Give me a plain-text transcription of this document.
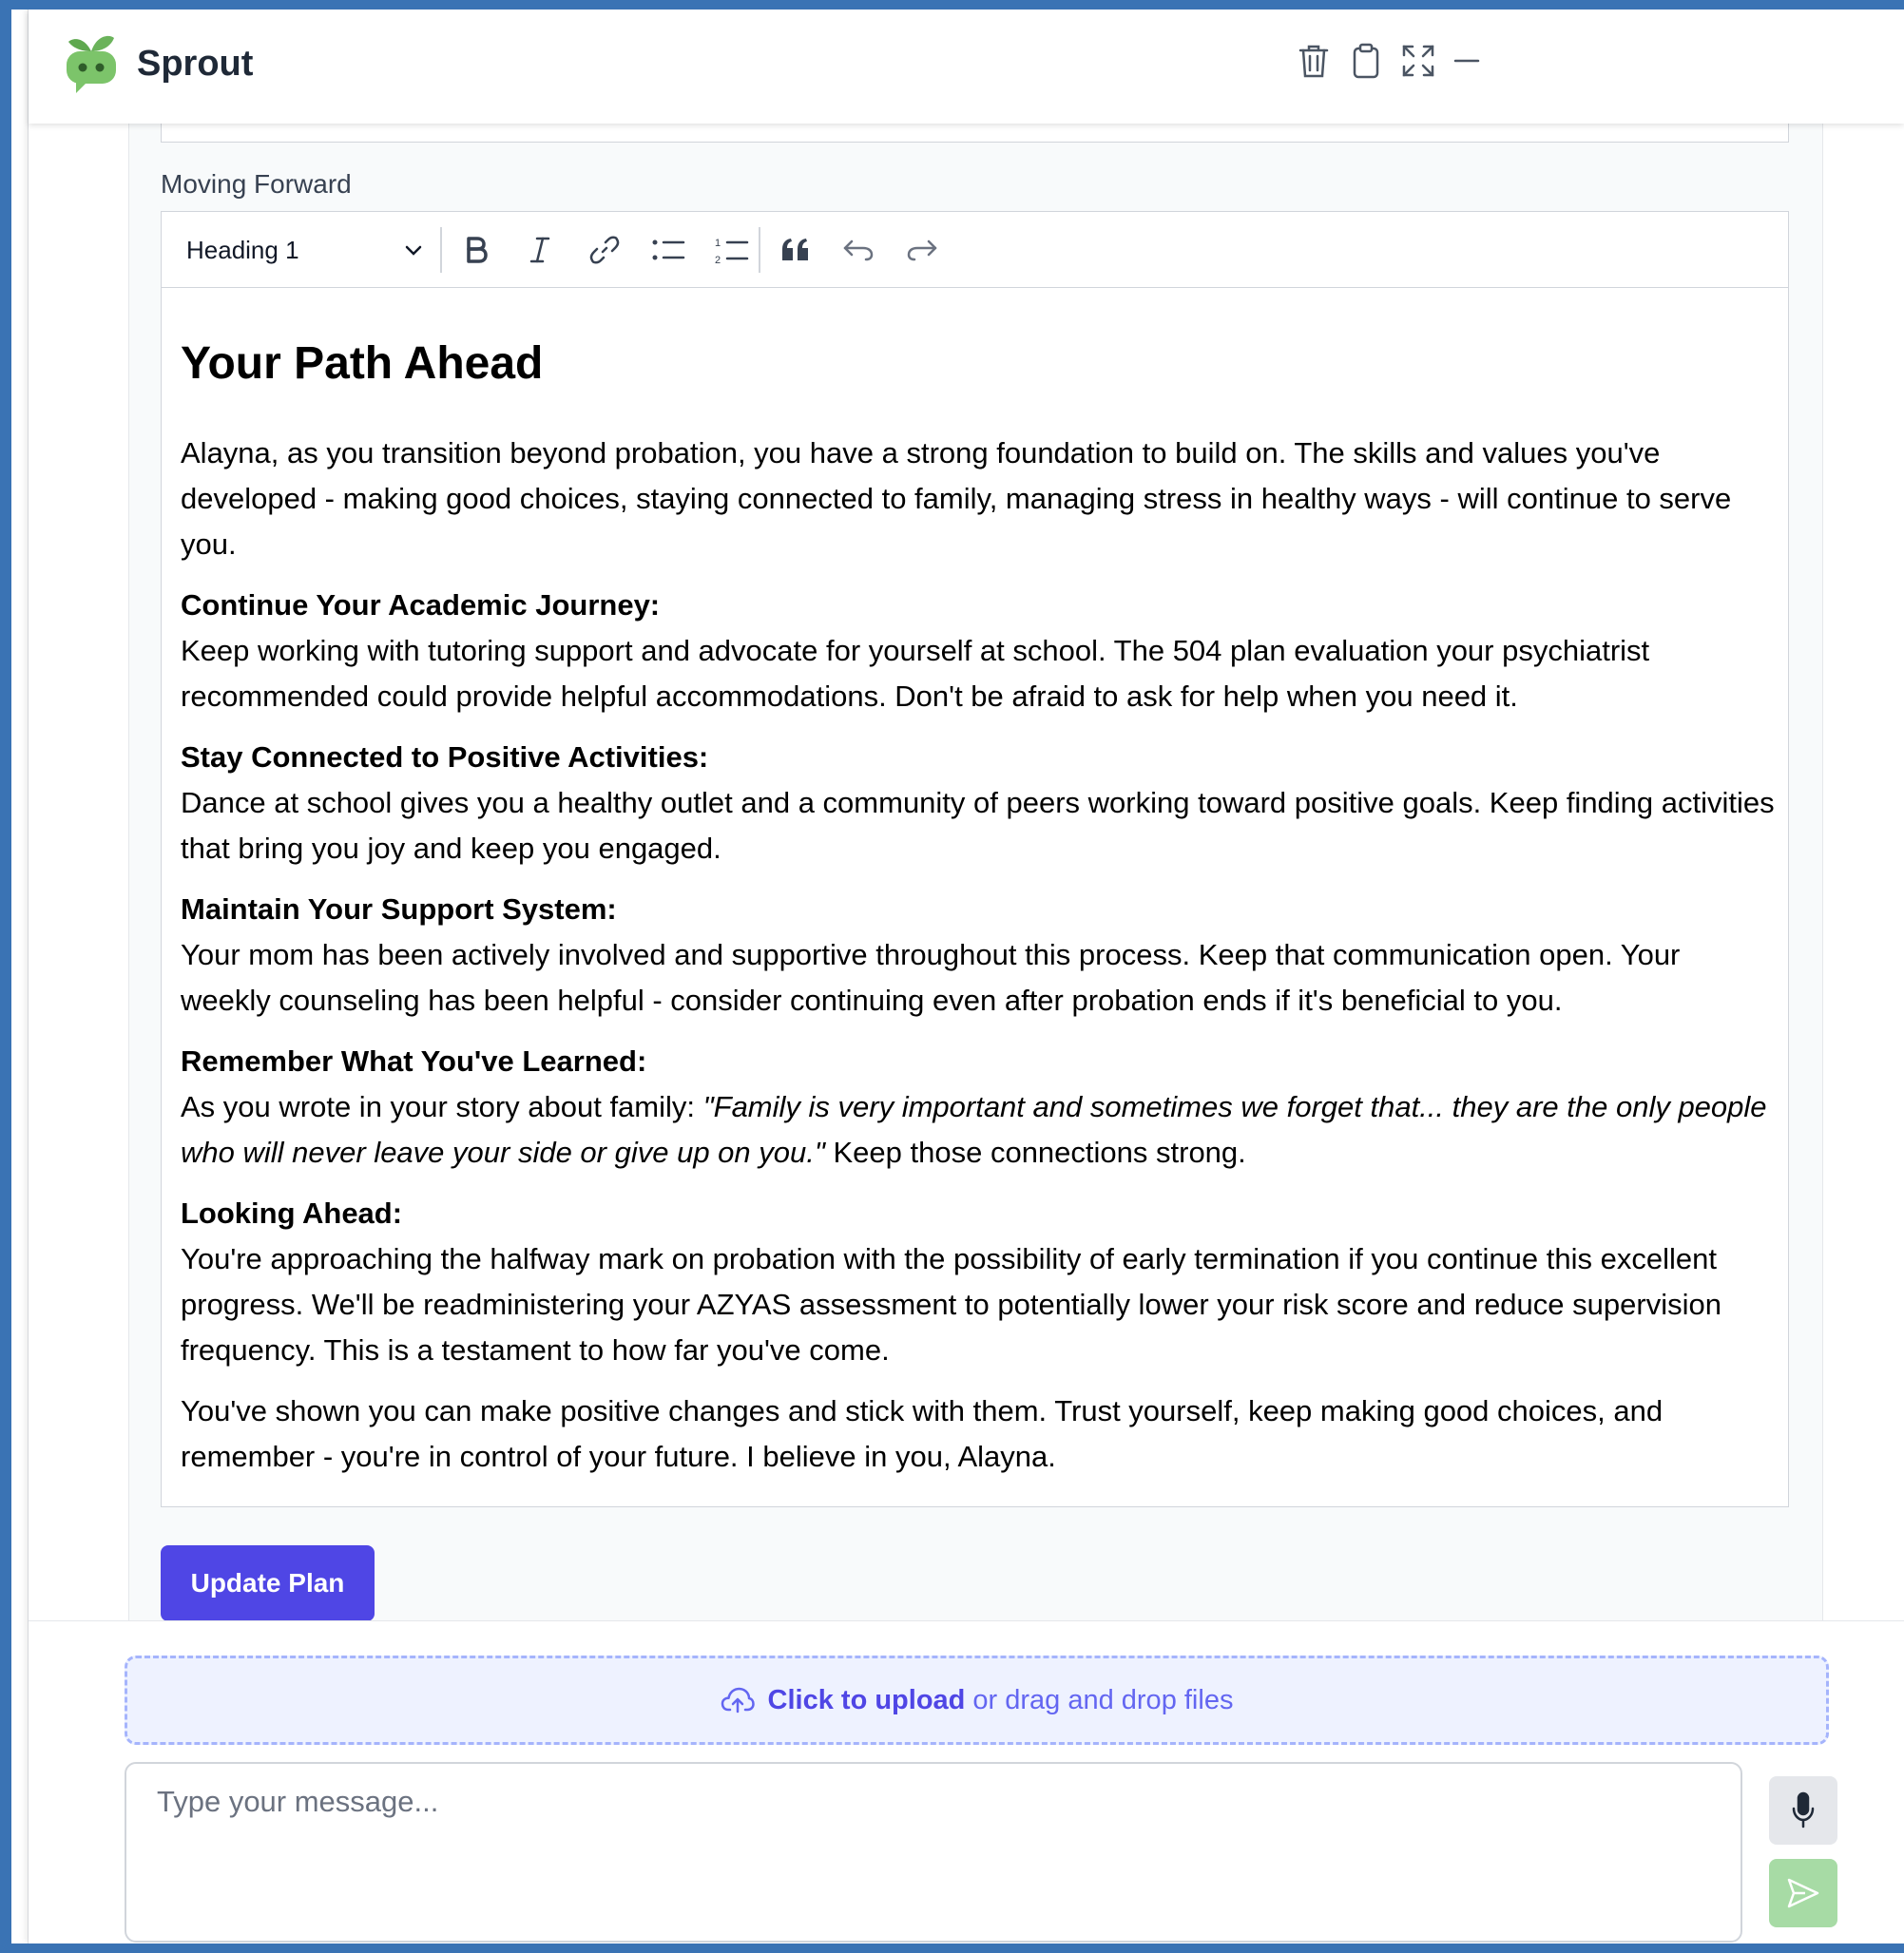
Sprout
Moving Forward
Heading 1	1
2
Your Path Ahead

Alayna, as you transition beyond probation, you have a strong foundation to build on. The skills and values you've developed - making good choices, staying connected to family, managing stress in healthy ways - will continue to serve you.

Continue Your Academic Journey:
Keep working with tutoring support and advocate for yourself at school. The 504 plan evaluation your psychiatrist recommended could provide helpful accommodations. Don't be afraid to ask for help when you need it.

Stay Connected to Positive Activities:
Dance at school gives you a healthy outlet and a community of peers working toward positive goals. Keep finding activities that bring you joy and keep you engaged.

Maintain Your Support System:
Your mom has been actively involved and supportive throughout this process. Keep that communication open. Your weekly counseling has been helpful - consider continuing even after probation ends if it's beneficial to you.

Remember What You've Learned:
As you wrote in your story about family: "Family is very important and sometimes we forget that... they are the only people who will never leave your side or give up on you." Keep those connections strong.

Looking Ahead:
You're approaching the halfway mark on probation with the possibility of early termination if you continue this excellent progress. We'll be readministering your AZYAS assessment to potentially lower your risk score and reduce supervision frequency. This is a testament to how far you've come.

You've shown you can make positive changes and stick with them. Trust yourself, keep making good choices, and remember - you're in control of your future. I believe in you, Alayna.

Update Plan
Click to upload or drag and drop files
Type your message...
